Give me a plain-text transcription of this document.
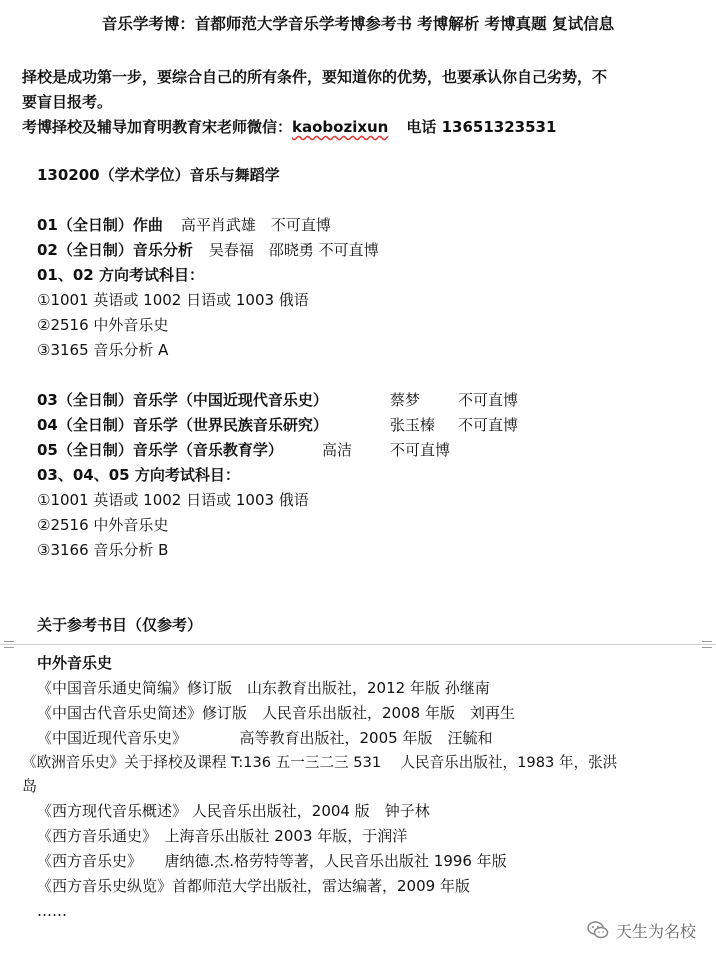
音乐学考博：首都师范大学音乐学考博参考书 考博解析 考博真题 复试信息
择校是成功第一步，要综合自己的所有条件，要知道你的优势，也要承认你自己劣势，不
要盲目报考。
考博择校及辅导加育明教育宋老师微信：kaobozixun 电话 13651323531
130200（学术学位）音乐与舞蹈学
01（全日制）作曲 高平肖武雄　不可直博
02（全日制）音乐分析 吴春福　邵晓勇 不可直博
01、02 方向考试科目：
①1001 英语或 1002 日语或 1003 俄语
②2516 中外音乐史
③3165 音乐分析 A
03（全日制）音乐学（中国近现代音乐史）	蔡梦	不可直博
04（全日制）音乐学（世界民族音乐研究）	张玉榛 不可直博
05（全日制）音乐学（音乐教育学）	高洁	不可直博
03、04、05 方向考试科目：
①1001 英语或 1002 日语或 1003 俄语
②2516 中外音乐史
③3166 音乐分析 B
关于参考书目（仅参考）
中外音乐史
《中国音乐通史简编》修订版　山东教育出版社，2012 年版 孙继南
《中国古代音乐史简述》修订版　人民音乐出版社，2008 年版　刘再生
《中国近现代音乐史》　　　　高等教育出版社，2005 年版　汪毓和
《欧洲音乐史》关于择校及课程 T:136 五一三二三 531　 人民音乐出版社，1983 年，张洪
岛
《西方现代音乐概述》 人民音乐出版社，2004 版　钟子林
《西方音乐通史》　上海音乐出版社 2003 年版，于润洋
《西方音乐史》　　唐纳德.杰.格劳特等著，人民音乐出版社 1996 年版
《西方音乐史纵览》首都师范大学出版社，雷达编著，2009 年版
……
天生为名校
